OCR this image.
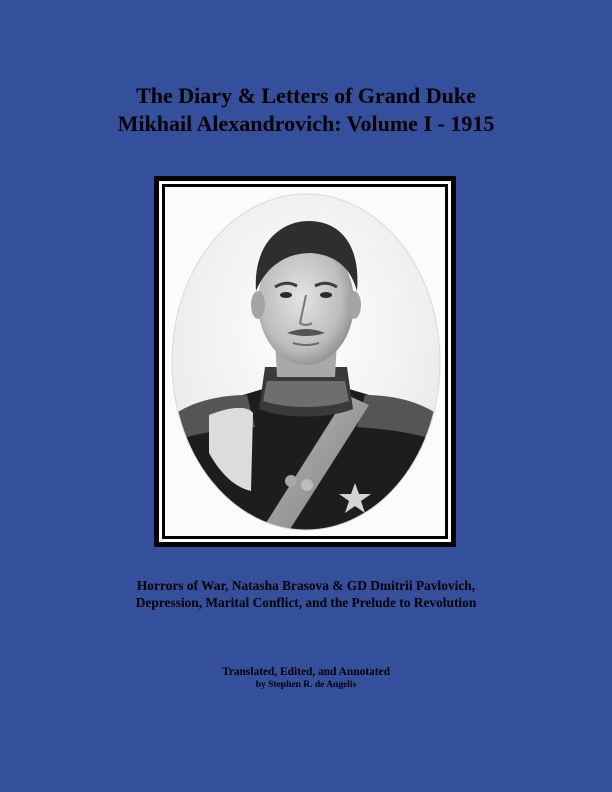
The Diary & Letters of Grand Duke
Mikhail Alexandrovich: Volume I - 1915
Horrors of War, Natasha Brasova & GD Dmitrii Pavlovich,
Depression, Marital Conflict, and the Prelude to Revolution
Translated, Edited, and Annotated
by Stephen R. de Angelis
